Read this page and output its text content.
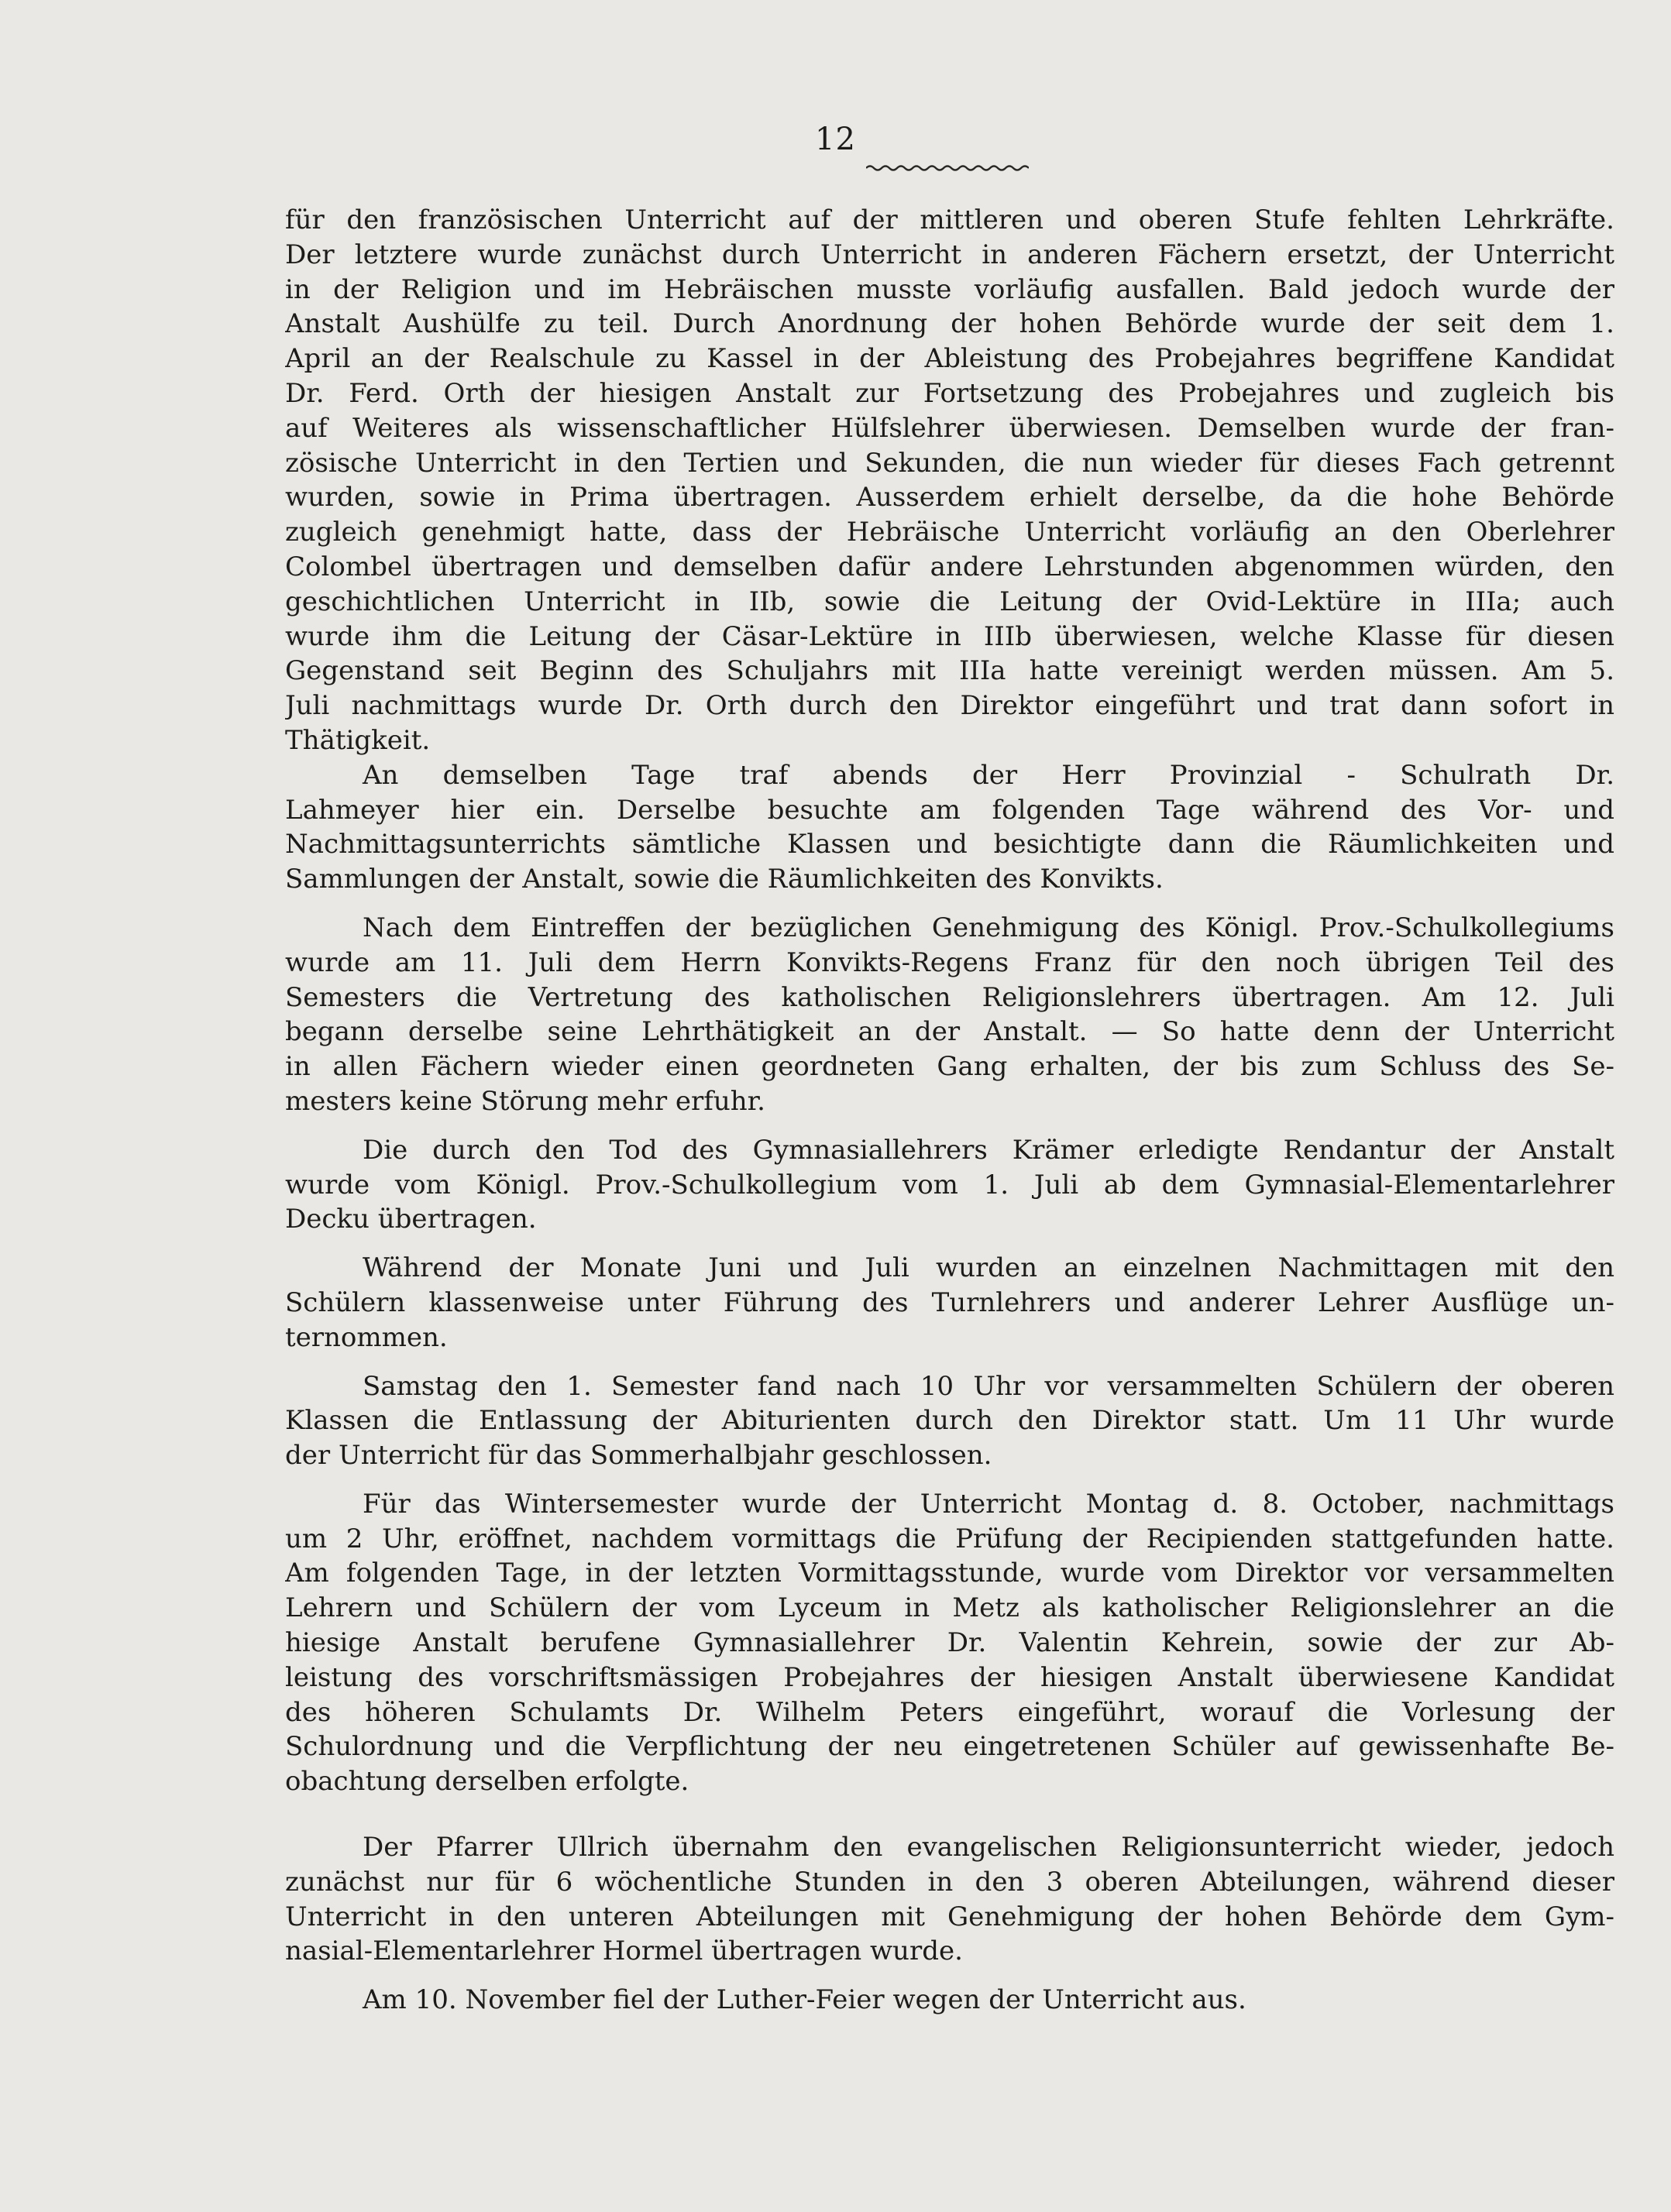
12
für den französischen Unterricht auf der mittleren und oberen Stufe fehlten Lehrkräfte.
Der letztere wurde zunächst durch Unterricht in anderen Fächern ersetzt, der Unterricht
in der Religion und im Hebräischen musste vorläufig ausfallen. Bald jedoch wurde der
Anstalt Aushülfe zu teil. Durch Anordnung der hohen Behörde wurde der seit dem 1.
April an der Realschule zu Kassel in der Ableistung des Probejahres begriffene Kandidat
Dr. Ferd. Orth der hiesigen Anstalt zur Fortsetzung des Probejahres und zugleich bis
auf Weiteres als wissenschaftlicher Hülfslehrer überwiesen. Demselben wurde der fran-
zösische Unterricht in den Tertien und Sekunden, die nun wieder für dieses Fach getrennt
wurden, sowie in Prima übertragen. Ausserdem erhielt derselbe, da die hohe Behörde
zugleich genehmigt hatte, dass der Hebräische Unterricht vorläufig an den Oberlehrer
Colombel übertragen und demselben dafür andere Lehrstunden abgenommen würden, den
geschichtlichen Unterricht in IIb, sowie die Leitung der Ovid-Lektüre in IIIa; auch
wurde ihm die Leitung der Cäsar-Lektüre in IIIb überwiesen, welche Klasse für diesen
Gegenstand seit Beginn des Schuljahrs mit IIIa hatte vereinigt werden müssen. Am 5.
Juli nachmittags wurde Dr. Orth durch den Direktor eingeführt und trat dann sofort in
Thätigkeit.
An demselben Tage traf abends der Herr Provinzial - Schulrath Dr.
Lahmeyer hier ein. Derselbe besuchte am folgenden Tage während des Vor- und
Nachmittagsunterrichts sämtliche Klassen und besichtigte dann die Räumlichkeiten und
Sammlungen der Anstalt, sowie die Räumlichkeiten des Konvikts.
Nach dem Eintreffen der bezüglichen Genehmigung des Königl. Prov.-Schulkollegiums
wurde am 11. Juli dem Herrn Konvikts-Regens Franz für den noch übrigen Teil des
Semesters die Vertretung des katholischen Religionslehrers übertragen. Am 12. Juli
begann derselbe seine Lehrthätigkeit an der Anstalt. — So hatte denn der Unterricht
in allen Fächern wieder einen geordneten Gang erhalten, der bis zum Schluss des Se-
mesters keine Störung mehr erfuhr.
Die durch den Tod des Gymnasiallehrers Krämer erledigte Rendantur der Anstalt
wurde vom Königl. Prov.-Schulkollegium vom 1. Juli ab dem Gymnasial-Elementarlehrer
Decku übertragen.
Während der Monate Juni und Juli wurden an einzelnen Nachmittagen mit den
Schülern klassenweise unter Führung des Turnlehrers und anderer Lehrer Ausflüge un-
ternommen.
Samstag den 1. Semester fand nach 10 Uhr vor versammelten Schülern der oberen
Klassen die Entlassung der Abiturienten durch den Direktor statt. Um 11 Uhr wurde
der Unterricht für das Sommerhalbjahr geschlossen.
Für das Wintersemester wurde der Unterricht Montag d. 8. October, nachmittags
um 2 Uhr, eröffnet, nachdem vormittags die Prüfung der Recipienden stattgefunden hatte.
Am folgenden Tage, in der letzten Vormittagsstunde, wurde vom Direktor vor versammelten
Lehrern und Schülern der vom Lyceum in Metz als katholischer Religionslehrer an die
hiesige Anstalt berufene Gymnasiallehrer Dr. Valentin Kehrein, sowie der zur Ab-
leistung des vorschriftsmässigen Probejahres der hiesigen Anstalt überwiesene Kandidat
des höheren Schulamts Dr. Wilhelm Peters eingeführt, worauf die Vorlesung der
Schulordnung und die Verpflichtung der neu eingetretenen Schüler auf gewissenhafte Be-
obachtung derselben erfolgte.
Der Pfarrer Ullrich übernahm den evangelischen Religionsunterricht wieder, jedoch
zunächst nur für 6 wöchentliche Stunden in den 3 oberen Abteilungen, während dieser
Unterricht in den unteren Abteilungen mit Genehmigung der hohen Behörde dem Gym-
nasial-Elementarlehrer Hormel übertragen wurde.
Am 10. November fiel der Luther-Feier wegen der Unterricht aus.
